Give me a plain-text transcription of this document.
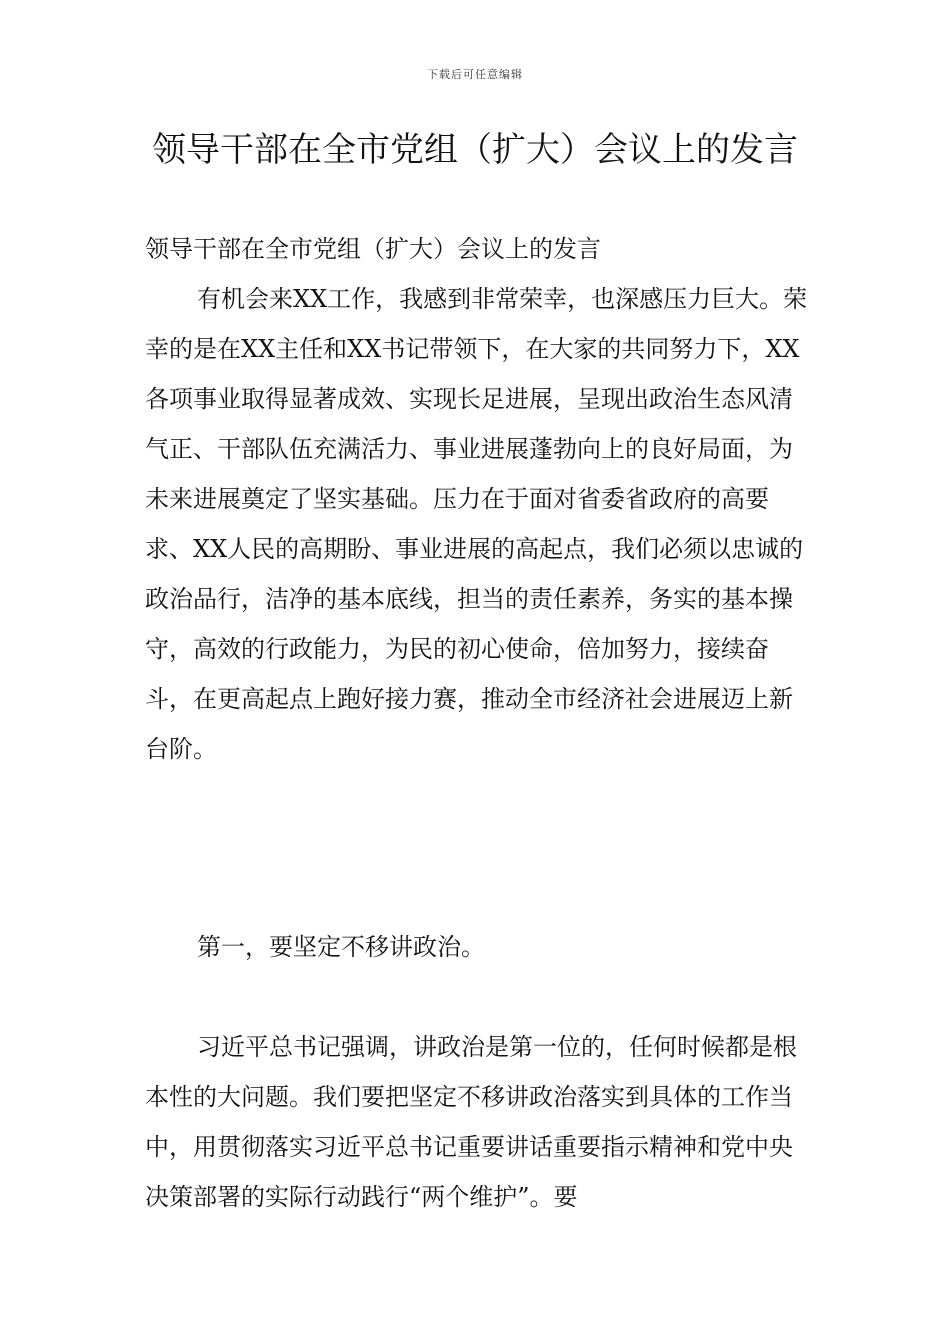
下载后可任意编辑
领导干部在全市党组（扩大）会议上的发言

领导干部在全市党组（扩大）会议上的发言

有机会来XX工作，我感到非常荣幸，也深感压力巨大。荣幸的是在XX主任和XX书记带领下，在大家的共同努力下，XX各项事业取得显著成效、实现长足进展，呈现出政治生态风清气正、干部队伍充满活力、事业进展蓬勃向上的良好局面，为未来进展奠定了坚实基础。压力在于面对省委省政府的高要求、XX人民的高期盼、事业进展的高起点，我们必须以忠诚的政治品行，洁净的基本底线，担当的责任素养，务实的基本操守，高效的行政能力，为民的初心使命，倍加努力，接续奋斗，在更高起点上跑好接力赛，推动全市经济社会进展迈上新台阶。

第一，要坚定不移讲政治。

习近平总书记强调，讲政治是第一位的，任何时候都是根本性的大问题。我们要把坚定不移讲政治落实到具体的工作当中，用贯彻落实习近平总书记重要讲话重要指示精神和党中央决策部署的实际行动践行“两个维护”。要
